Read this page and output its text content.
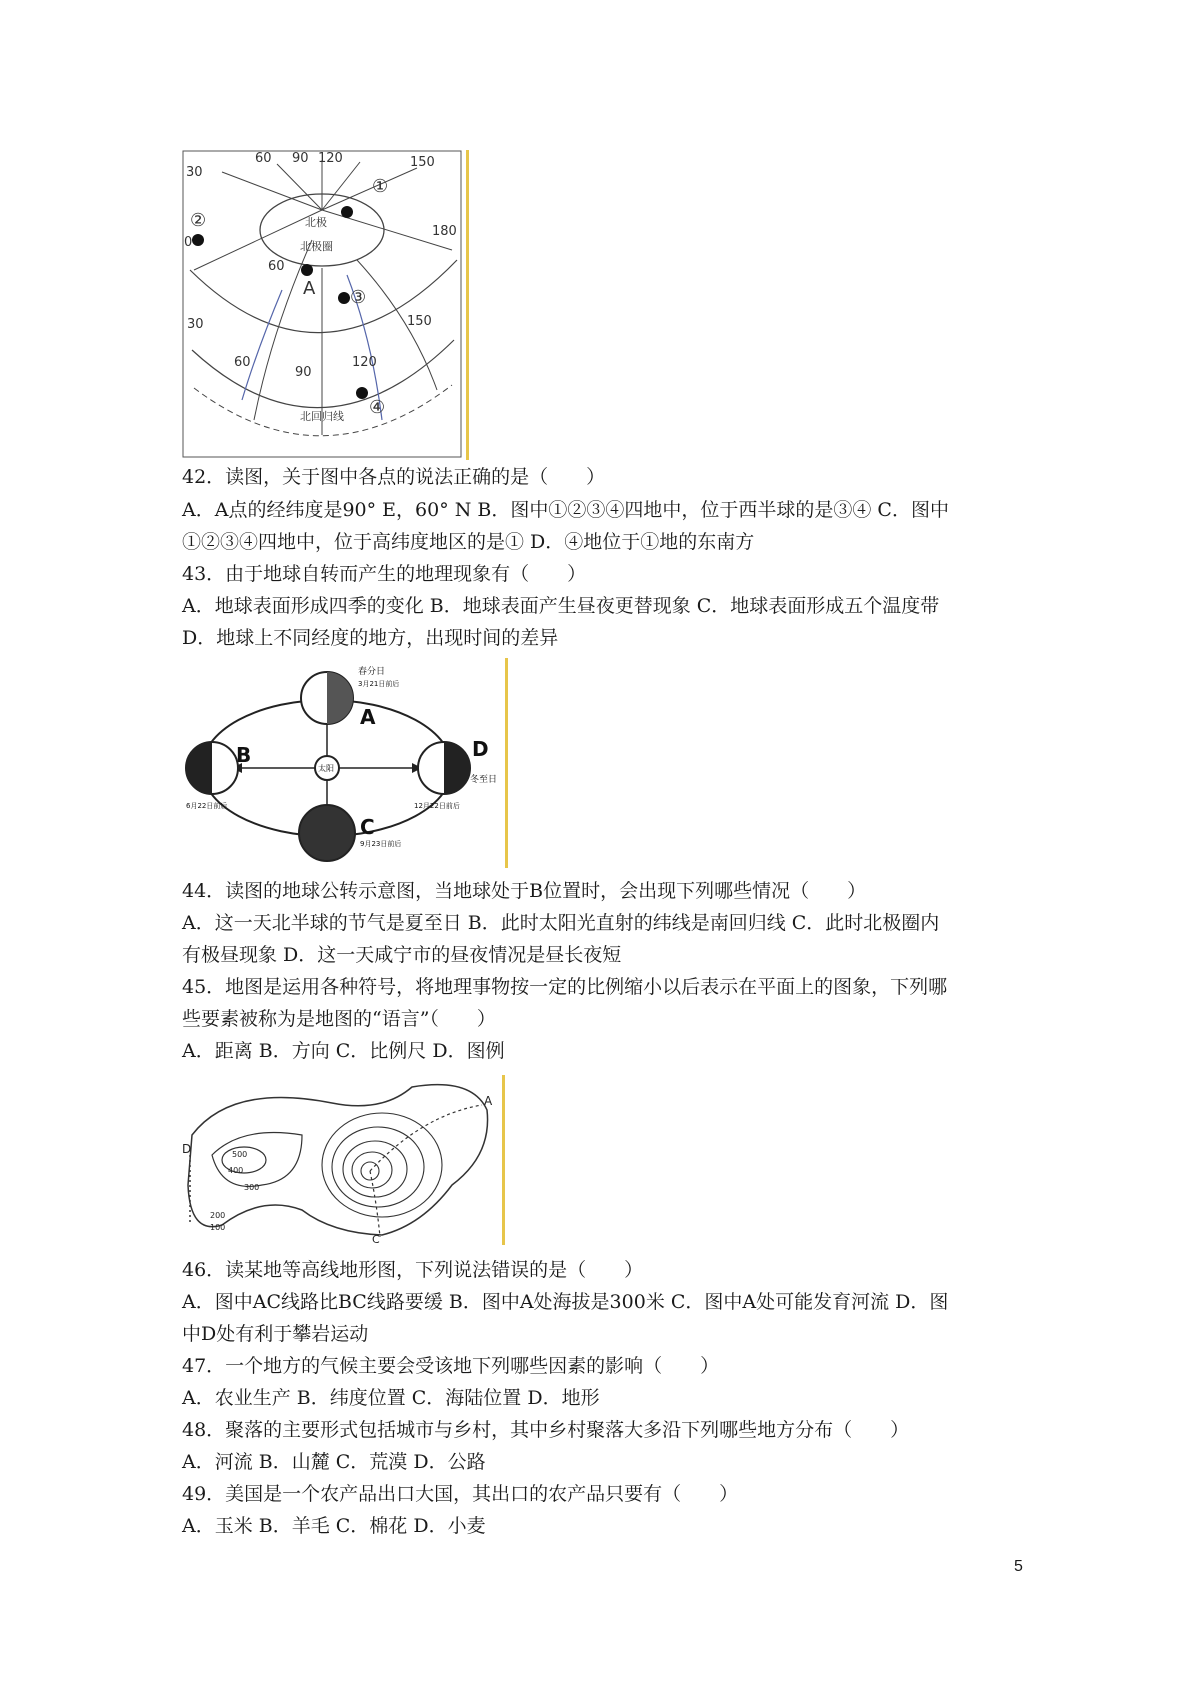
60 90 120	150
30
0
180
60
30
60
90
120
150
①
②
③
④
A
北极
北极圈
北回归线
42．读图，关于图中各点的说法正确的是（　　）
A．A点的经纬度是90° E，60° N B．图中①②③④四地中，位于西半球的是③④ C．图中
①②③④四地中，位于高纬度地区的是① D．④地位于①地的东南方
43．由于地球自转而产生的地理现象有（　　）
A．地球表面形成四季的变化 B．地球表面产生昼夜更替现象 C．地球表面形成五个温度带
D．地球上不同经度的地方，出现时间的差异
A
B
C
D
太阳
春分日
3月21日前后
6月22日前后
9月23日前后
冬至日
12月22日前后
44．读图的地球公转示意图，当地球处于B位置时，会出现下列哪些情况（　　）
A．这一天北半球的节气是夏至日 B．此时太阳光直射的纬线是南回归线 C．此时北极圈内
有极昼现象 D．这一天咸宁市的昼夜情况是昼长夜短
45．地图是运用各种符号，将地理事物按一定的比例缩小以后表示在平面上的图象，下列哪
些要素被称为是地图的“语言”（　　）
A．距离 B．方向 C．比例尺 D．图例
A
D
C
500
400
300
200
100
46．读某地等高线地形图，下列说法错误的是（　　）
A．图中AC线路比BC线路要缓 B．图中A处海拔是300米 C．图中A处可能发育河流 D．图
中D处有利于攀岩运动
47．一个地方的气候主要会受该地下列哪些因素的影响（　　）
A．农业生产 B．纬度位置 C．海陆位置 D．地形
48．聚落的主要形式包括城市与乡村，其中乡村聚落大多沿下列哪些地方分布（　　）
A．河流 B．山麓 C．荒漠 D．公路
49．美国是一个农产品出口大国，其出口的农产品只要有（　　）
A．玉米 B．羊毛 C．棉花 D．小麦
5
